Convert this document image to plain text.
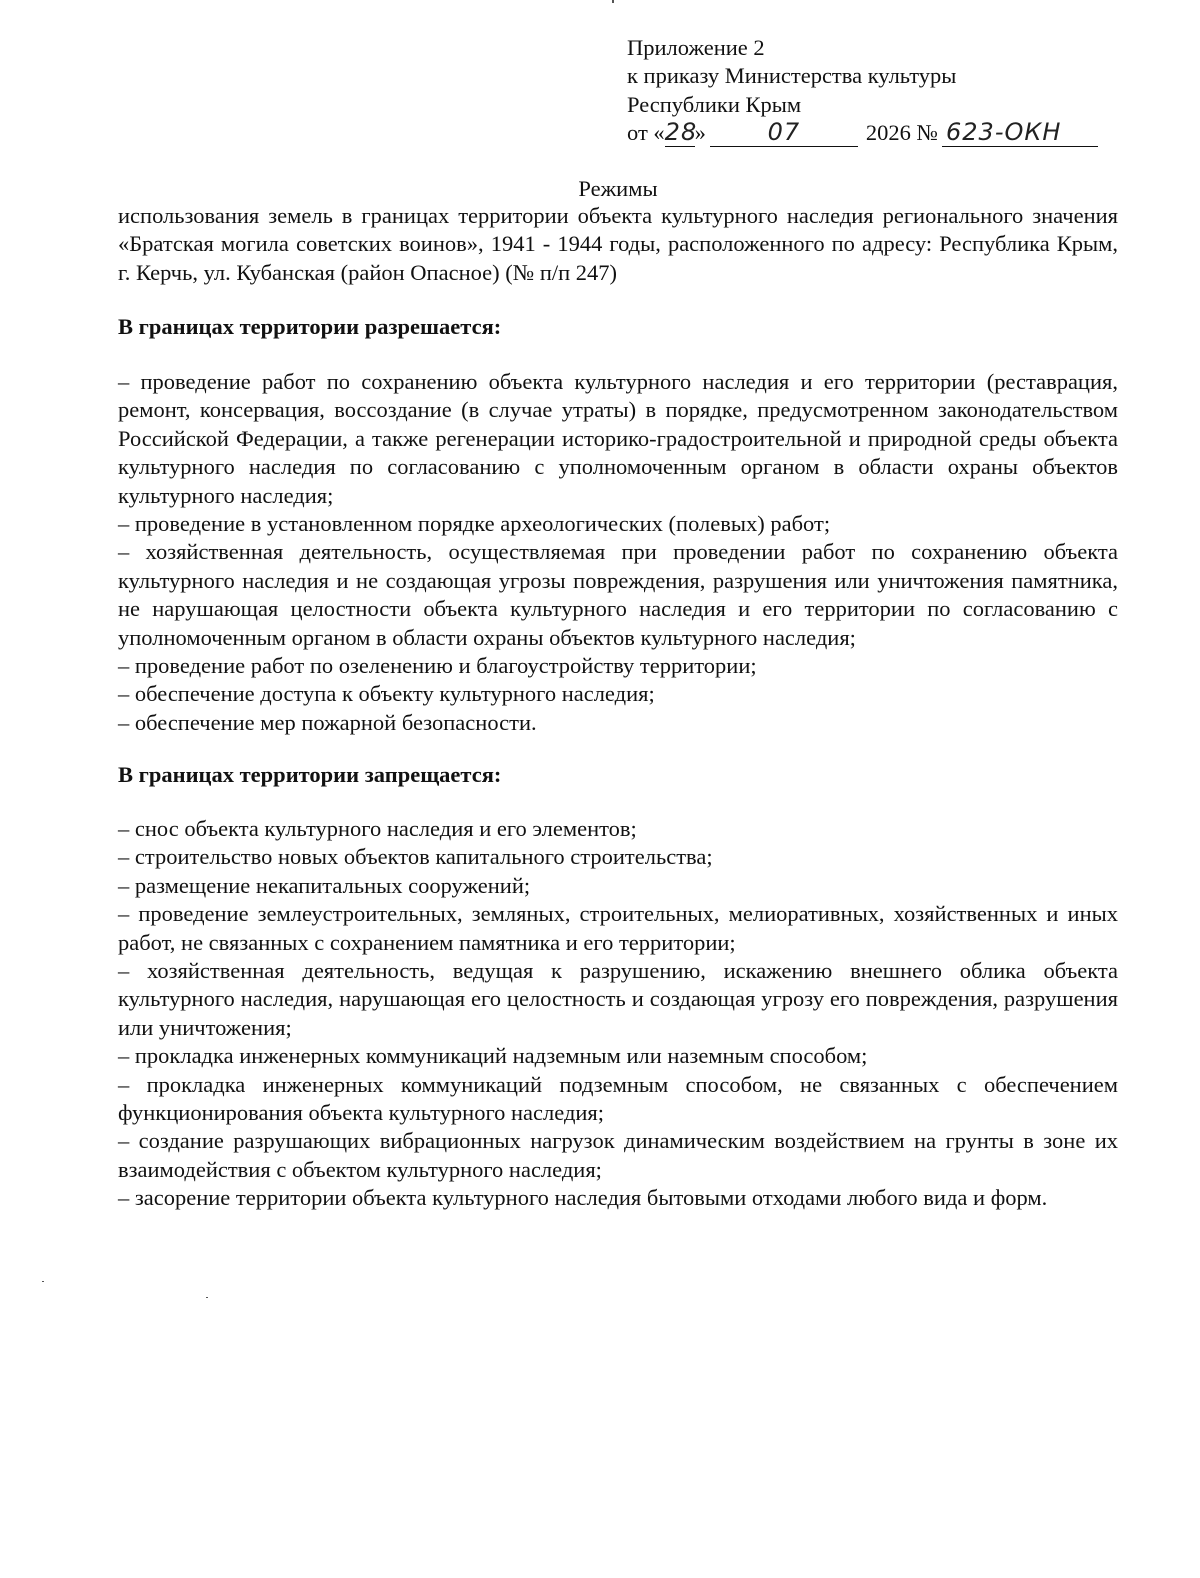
Приложение 2
к приказу Министерства культуры
Республики Крым
от «28»	07	2026 № 623-ОКН
Режимы
использования земель в границах территории объекта культурного наследия регионального значения «Братская могила советских воинов», 1941 - 1944 годы, расположенного по адресу: Республика Крым, г. Керчь, ул. Кубанская (район Опасное) (№ п/п 247)
В границах территории разрешается:
– проведение работ по сохранению объекта культурного наследия и его территории (реставрация, ремонт, консервация, воссоздание (в случае утраты) в порядке, предусмотренном законодательством Российской Федерации, а также регенерации историко-градостроительной и природной среды объекта культурного наследия по согласованию с уполномоченным органом в области охраны объектов культурного наследия;
– проведение в установленном порядке археологических (полевых) работ;
– хозяйственная деятельность, осуществляемая при проведении работ по сохранению объекта культурного наследия и не создающая угрозы повреждения, разрушения или уничтожения памятника, не нарушающая целостности объекта культурного наследия и его территории по согласованию с уполномоченным органом в области охраны объектов культурного наследия;
– проведение работ по озеленению и благоустройству территории;
– обеспечение доступа к объекту культурного наследия;
– обеспечение мер пожарной безопасности.
В границах территории запрещается:
– снос объекта культурного наследия и его элементов;
– строительство новых объектов капитального строительства;
– размещение некапитальных сооружений;
– проведение землеустроительных, земляных, строительных, мелиоративных, хозяйственных и иных работ, не связанных с сохранением памятника и его территории;
– хозяйственная деятельность, ведущая к разрушению, искажению внешнего облика объекта культурного наследия, нарушающая его целостность и создающая угрозу его повреждения, разрушения или уничтожения;
– прокладка инженерных коммуникаций надземным или наземным способом;
– прокладка инженерных коммуникаций подземным способом, не связанных с обеспечением функционирования объекта культурного наследия;
– создание разрушающих вибрационных нагрузок динамическим воздействием на грунты в зоне их взаимодействия с объектом культурного наследия;
– засорение территории объекта культурного наследия бытовыми отходами любого вида и форм.
